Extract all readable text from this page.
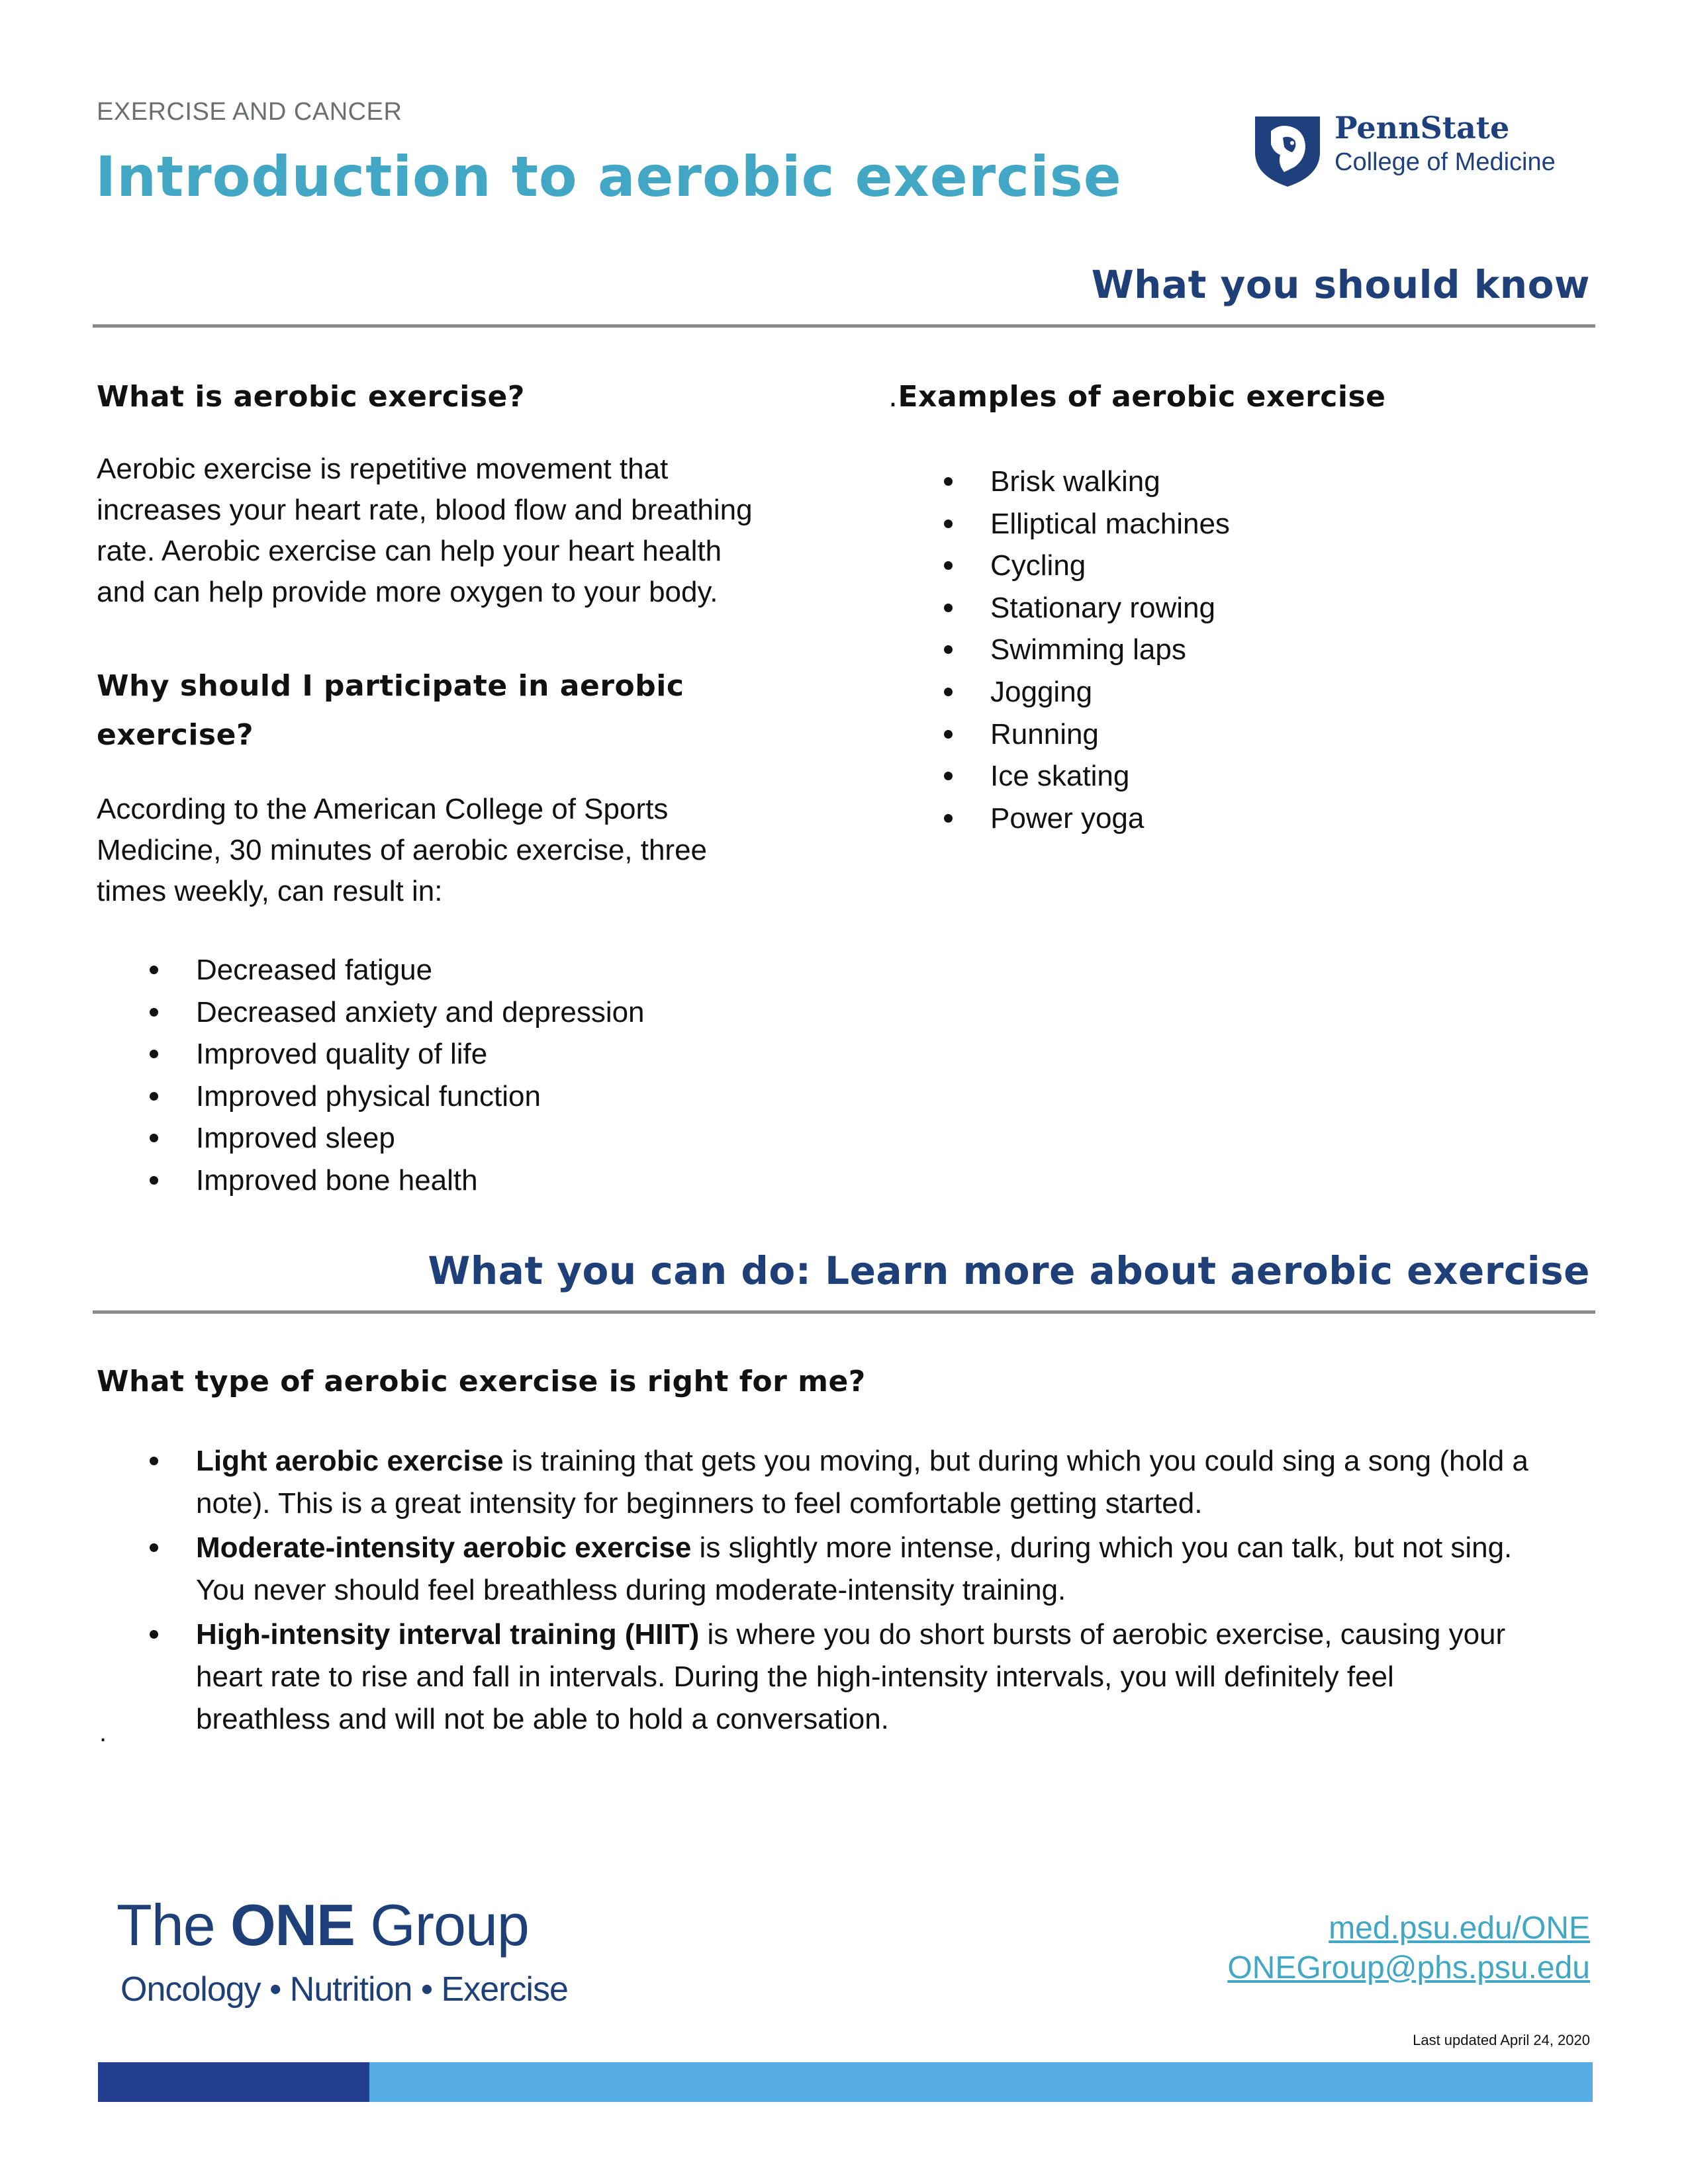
EXERCISE AND CANCER
Introduction to aerobic exercise
PennState
College of Medicine
What you should know
What is aerobic exercise?
Aerobic exercise is repetitive movement that
increases your heart rate, blood flow and breathing
rate. Aerobic exercise can help your heart health
and can help provide more oxygen to your body.
Why should I participate in aerobic
exercise?
According to the American College of Sports
Medicine, 30 minutes of aerobic exercise, three
times weekly, can result in:
Decreased fatigue
Decreased anxiety and depression
Improved quality of life
Improved physical function
Improved sleep
Improved bone health
.Examples of aerobic exercise
Brisk walking
Elliptical machines
Cycling
Stationary rowing
Swimming laps
Jogging
Running
Ice skating
Power yoga
What you can do: Learn more about aerobic exercise
What type of aerobic exercise is right for me?
Light aerobic exercise is training that gets you moving, but during which you could sing a song (hold a
note). This is a great intensity for beginners to feel comfortable getting started.
Moderate-intensity aerobic exercise is slightly more intense, during which you can talk, but not sing.
You never should feel breathless during moderate-intensity training.
High-intensity interval training (HIIT) is where you do short bursts of aerobic exercise, causing your
heart rate to rise and fall in intervals. During the high-intensity intervals, you will definitely feel
breathless and will not be able to hold a conversation.
.
The ONE Group
Oncology • Nutrition • Exercise
med.psu.edu/ONE
ONEGroup@phs.psu.edu
Last updated April 24, 2020
